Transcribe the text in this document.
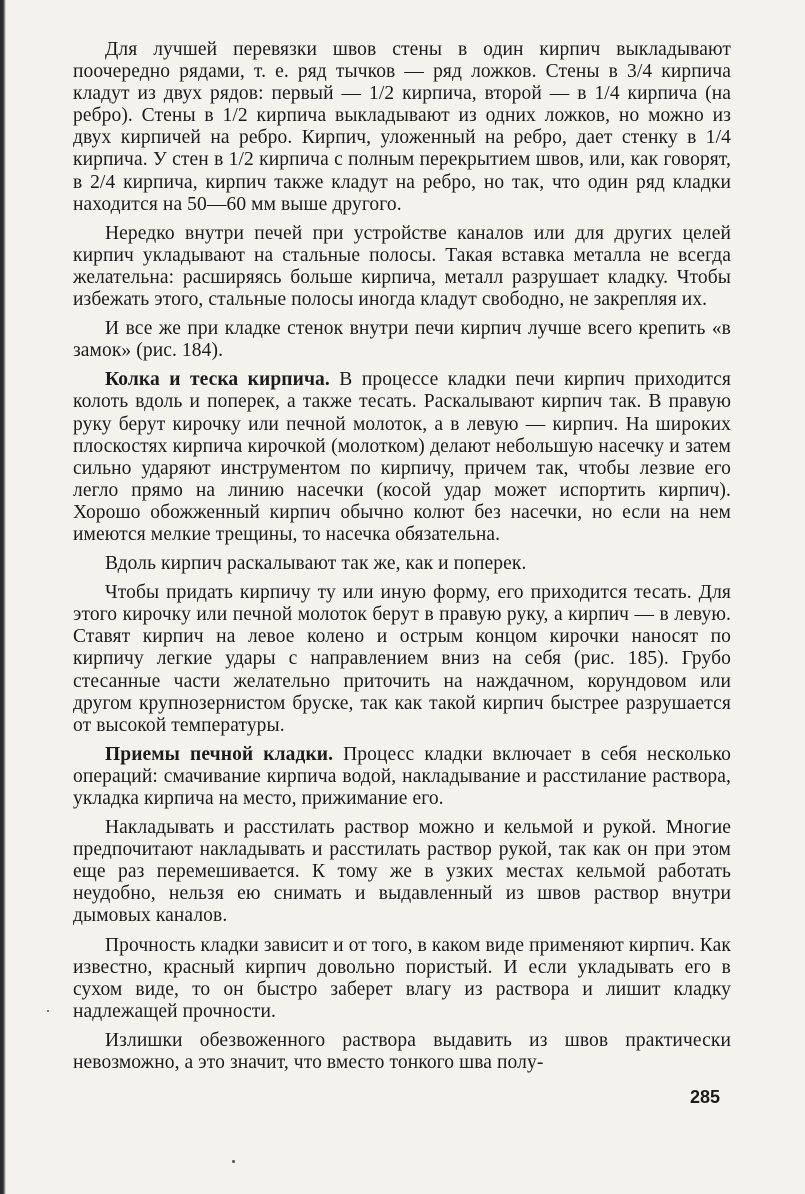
Для лучшей перевязки швов стены в один кирпич выкладывают поочередно рядами, т. е. ряд тычков — ряд ложков. Стены в 3/4 кирпича кладут из двух рядов: первый — 1/2 кирпича, второй — в 1/4 кирпича (на ребро). Стены в 1/2 кирпича выкладывают из одних ложков, но можно из двух кирпичей на ребро. Кирпич, уложенный на ребро, дает стенку в 1/4 кирпича. У стен в 1/2 кирпича с полным перекрытием швов, или, как говорят, в 2/4 кирпича, кирпич также кладут на ребро, но так, что один ряд кладки находится на 50—60 мм выше другого.

Нередко внутри печей при устройстве каналов или для других целей кирпич укладывают на стальные полосы. Такая вставка металла не всегда желательна: расширяясь больше кирпича, металл разрушает кладку. Чтобы избежать этого, стальные полосы иногда кладут свободно, не закрепляя их.

И все же при кладке стенок внутри печи кирпич лучше всего крепить «в замок» (рис. 184).

Колка и теска кирпича. В процессе кладки печи кирпич приходится колоть вдоль и поперек, а также тесать. Раскалывают кирпич так. В правую руку берут кирочку или печной молоток, а в левую — кирпич. На широких плоскостях кирпича кирочкой (молотком) делают небольшую насечку и затем сильно ударяют инструментом по кирпичу, причем так, чтобы лезвие его легло прямо на линию насечки (косой удар может испортить кирпич). Хорошо обожженный кирпич обычно колют без насечки, но если на нем имеются мелкие трещины, то насечка обязательна.

Вдоль кирпич раскалывают так же, как и поперек.

Чтобы придать кирпичу ту или иную форму, его приходится тесать. Для этого кирочку или печной молоток берут в правую руку, а кирпич — в левую. Ставят кирпич на левое колено и острым концом кирочки наносят по кирпичу легкие удары с направлением вниз на себя (рис. 185). Грубо стесанные части желательно приточить на наждачном, корундовом или другом крупнозернистом бруске, так как такой кирпич быстрее разрушается от высокой температуры.

Приемы печной кладки. Процесс кладки включает в себя несколько операций: смачивание кирпича водой, накладывание и расстилание раствора, укладка кирпича на место, прижимание его.

Накладывать и расстилать раствор можно и кельмой и рукой. Многие предпочитают накладывать и расстилать раствор рукой, так как он при этом еще раз перемешивается. К тому же в узких местах кельмой работать неудобно, нельзя ею снимать и выдавленный из швов раствор внутри дымовых каналов.

Прочность кладки зависит и от того, в каком виде применяют кирпич. Как известно, красный кирпич довольно пористый. И если укладывать его в сухом виде, то он быстро заберет влагу из раствора и лишит кладку надлежащей прочности.

Излишки обезвоженного раствора выдавить из швов практически невозможно, а это значит, что вместо тонкого шва полу-

285
